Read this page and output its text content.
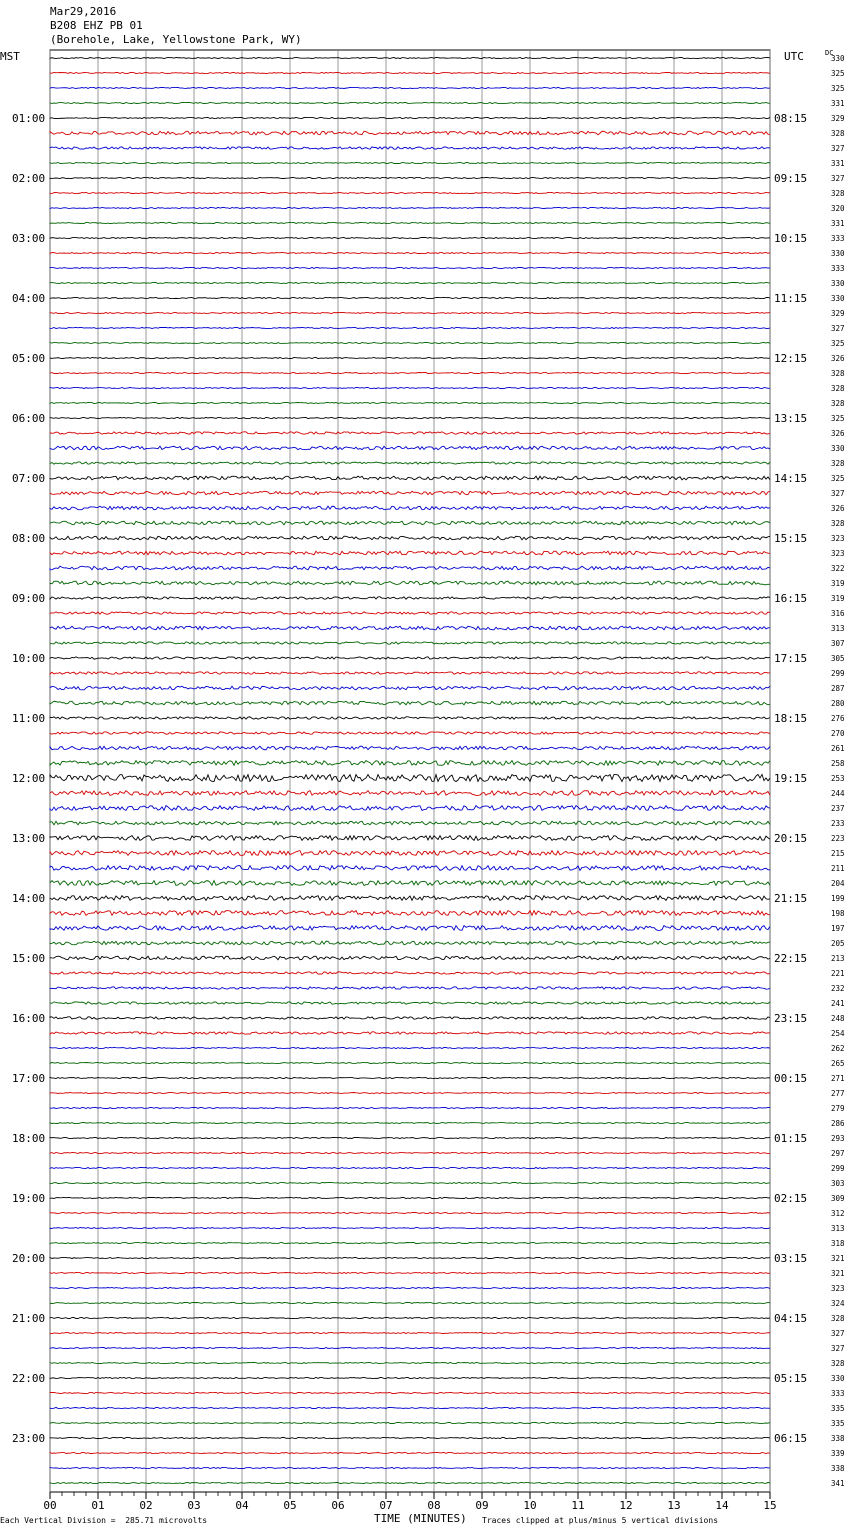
Mar29,2016
B208 EHZ PB 01
(Borehole, Lake, Yellowstone Park, WY)
MST	UTC	DC
330
325
325
331
329
328
327
331
327
328
320
331
333
330
333
330
330
329
327
325
326
328
328
328
325
326
330
328
325
327
326
328
323
323
322
319
319
316
313
307
305
299
287
280
276
270
261
258
253
244
237
233
223
215
211
204
199
198
197
205
213
221
232
241
248
254
262
265
271
277
279
286
293
297
299
303
309
312
313
318
321
321
323
324
328
327
327
328
330
333
335
335
338
339
338
341
01:00	08:15
02:00	09:15
03:00	10:15
04:00	11:15
05:00	12:15
06:00	13:15
07:00	14:15
08:00	15:15
09:00	16:15
10:00	17:15
11:00	18:15
12:00	19:15
13:00	20:15
14:00	21:15
15:00	22:15
16:00	23:15
17:00	00:15
18:00	01:15
19:00	02:15
20:00	03:15
21:00	04:15
22:00	05:15
23:00	06:15
00	01	02	03	04	05	06	07	08	09	10	11	12	13	14	15
Each Vertical Division =  285.71 microvolts	TIME (MINUTES) Traces clipped at plus/minus 5 vertical divisions
